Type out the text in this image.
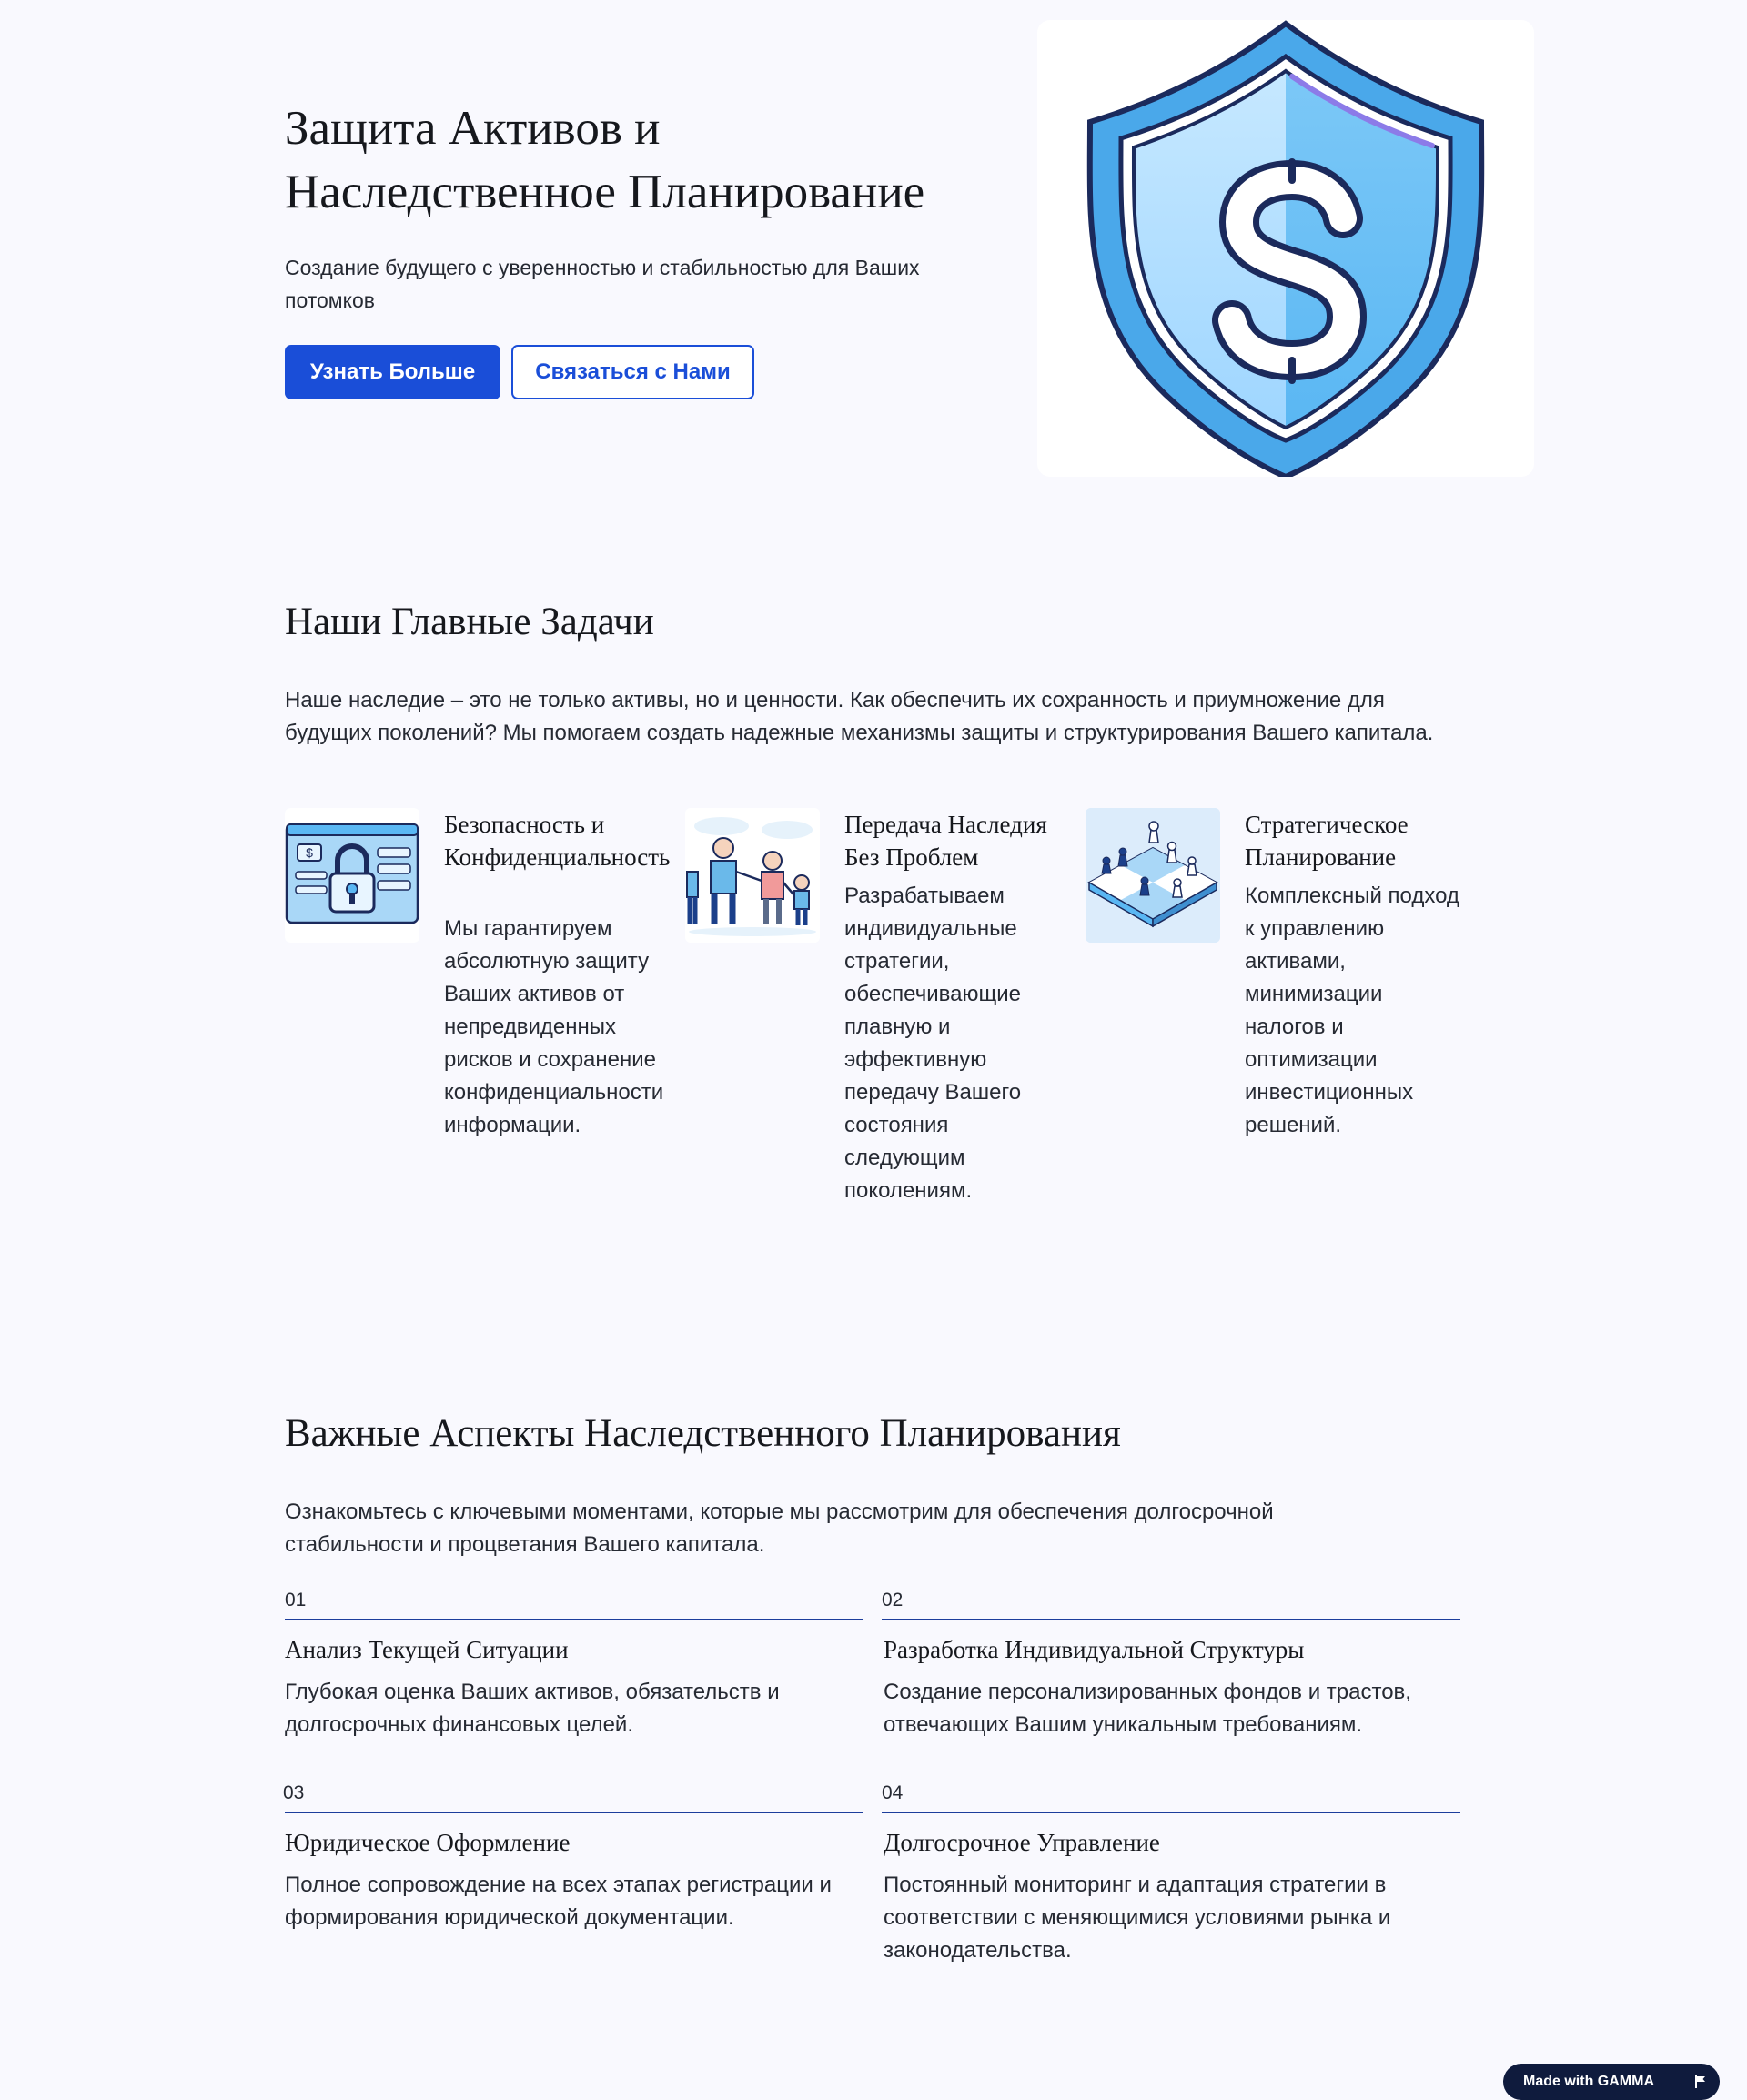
Защита Активов и
Наследственное Планирование

Создание будущего с уверенностью и стабильностью для Ваших потомков

Узнать Больше	Связаться с Нами
Наши Главные Задачи

Наше наследие – это не только активы, но и ценности. Как обеспечить их сохранность и приумножение для будущих поколений? Мы помогаем создать надежные механизмы защиты и структурирования Вашего капитала.

$
Безопасность и Конфиденциальность

Мы гарантируем абсолютную защиту Ваших активов от непредвиденных рисков и сохранение конфиденциальности информации.

Передача Наследия Без Проблем

Разрабатываем индивидуальные стратегии, обеспечивающие плавную и эффективную передачу Вашего состояния следующим поколениям.

Стратегическое Планирование

Комплексный подход к управлению активами, минимизации налогов и оптимизации инвестиционных решений.

Важные Аспекты Наследственного Планирования

Ознакомьтесь с ключевыми моментами, которые мы рассмотрим для обеспечения долгосрочной стабильности и процветания Вашего капитала.

01

Анализ Текущей Ситуации

Глубокая оценка Ваших активов, обязательств и долгосрочных финансовых целей.

02

Разработка Индивидуальной Структуры

Создание персонализированных фондов и трастов, отвечающих Вашим уникальным требованиям.

03

Юридическое Оформление

Полное сопровождение на всех этапах регистрации и формирования юридической документации.

04

Долгосрочное Управление

Постоянный мониторинг и адаптация стратегии в соответствии с меняющимися условиями рынка и законодательства.

Made with GAMMA
